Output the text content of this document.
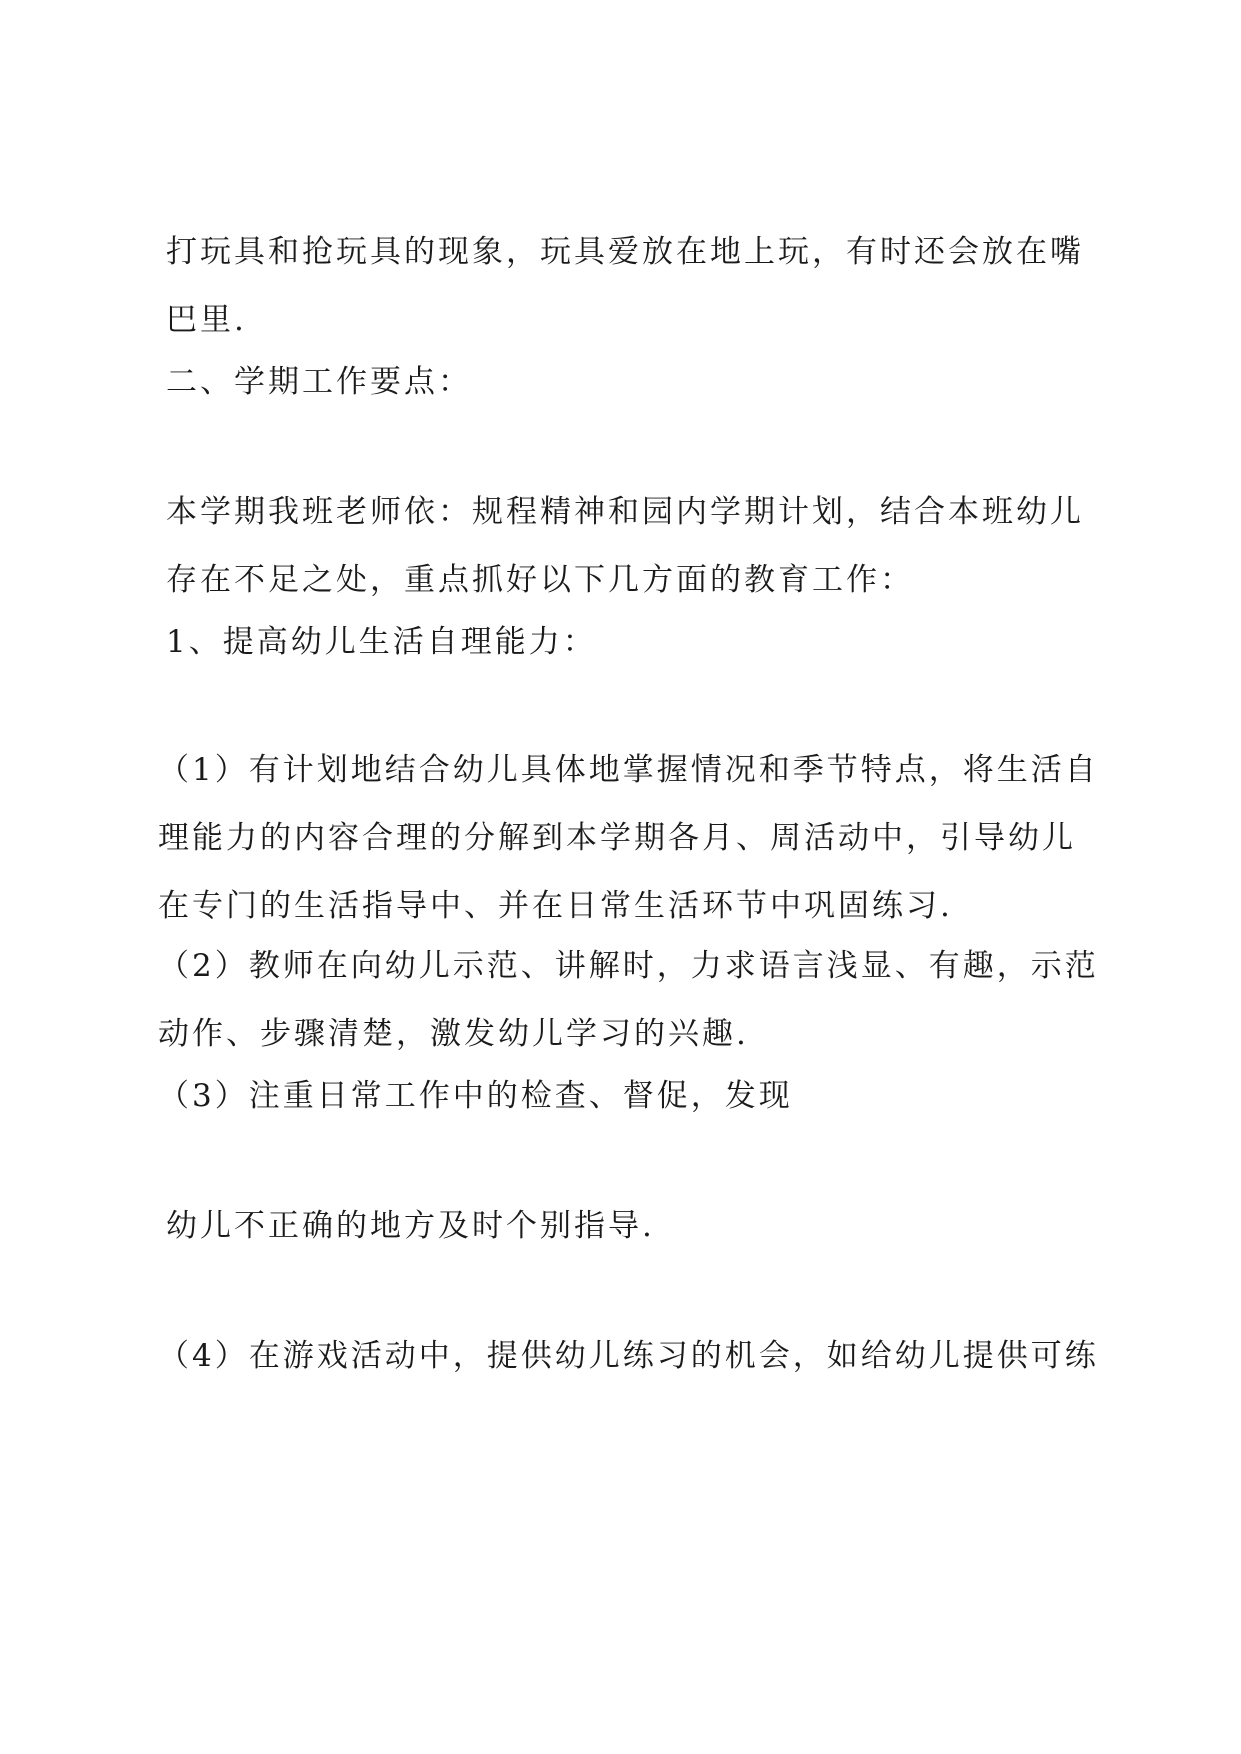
打玩具和抢玩具的现象，玩具爱放在地上玩，有时还会放在嘴
巴里.

二、学期工作要点：

本学期我班老师依：规程精神和园内学期计划，结合本班幼儿
存在不足之处，重点抓好以下几方面的教育工作：

1、提高幼儿生活自理能力：

（1）有计划地结合幼儿具体地掌握情况和季节特点，将生活自
理能力的内容合理的分解到本学期各月、周活动中，引导幼儿
在专门的生活指导中、并在日常生活环节中巩固练习.

（2）教师在向幼儿示范、讲解时，力求语言浅显、有趣，示范
动作、步骤清楚，激发幼儿学习的兴趣.

（3）注重日常工作中的检查、督促，发现

幼儿不正确的地方及时个别指导.

（4）在游戏活动中，提供幼儿练习的机会，如给幼儿提供可练
